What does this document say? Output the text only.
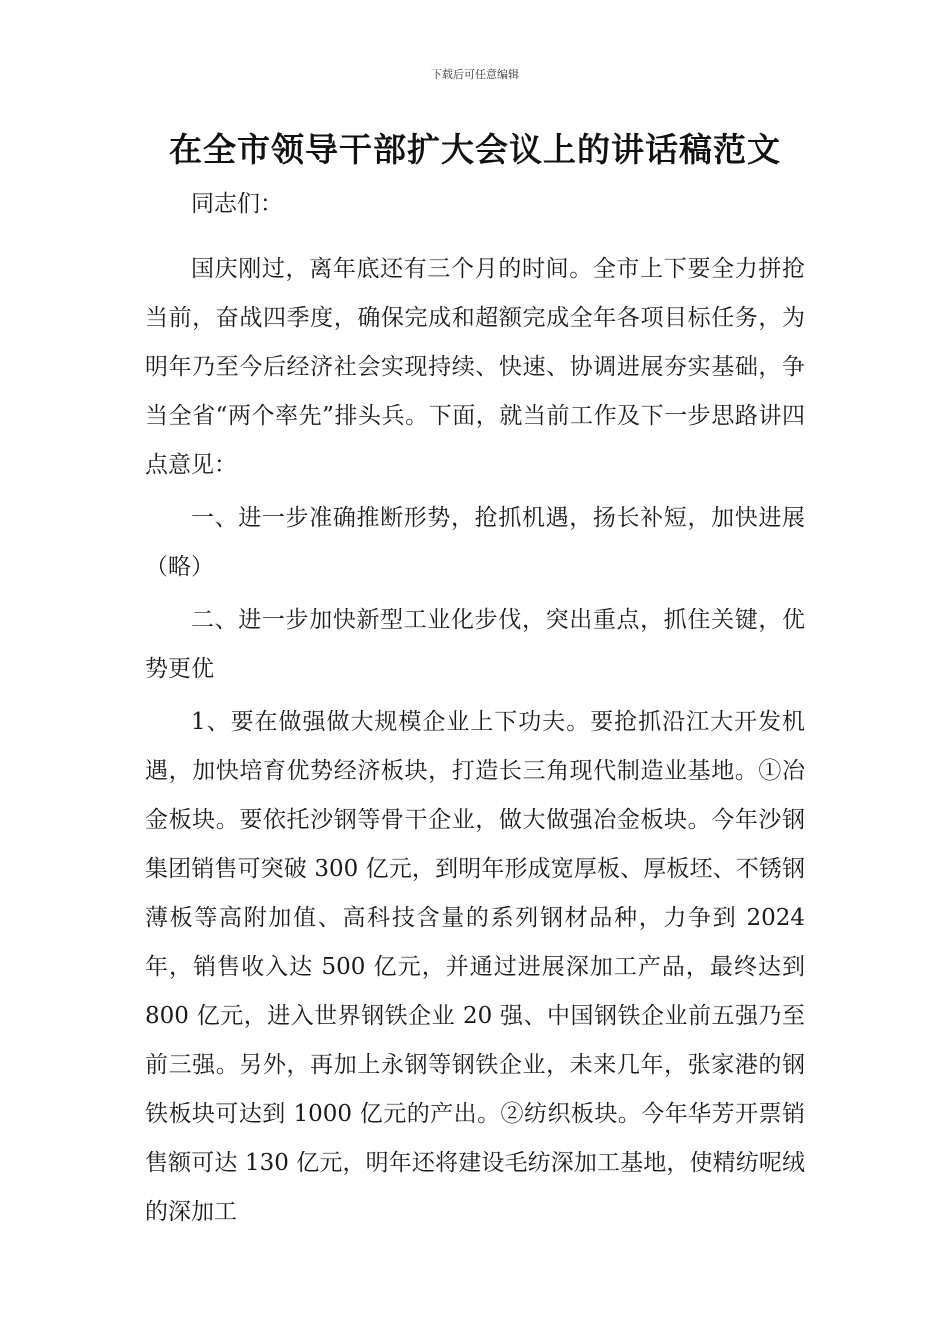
下载后可任意编辑
在全市领导干部扩大会议上的讲话稿范文

同志们：

国庆刚过，离年底还有三个月的时间。全市上下要全力拼抢当前，奋战四季度，确保完成和超额完成全年各项目标任务，为明年乃至今后经济社会实现持续、快速、协调进展夯实基础，争当全省“两个率先”排头兵。下面，就当前工作及下一步思路讲四点意见：

一、进一步准确推断形势，抢抓机遇，扬长补短，加快进展（略）

二、进一步加快新型工业化步伐，突出重点，抓住关键，优势更优

1、要在做强做大规模企业上下功夫。要抢抓沿江大开发机遇，加快培育优势经济板块，打造长三角现代制造业基地。①冶金板块。要依托沙钢等骨干企业，做大做强冶金板块。今年沙钢集团销售可突破 300 亿元，到明年形成宽厚板、厚板坯、不锈钢薄板等高附加值、高科技含量的系列钢材品种，力争到 2024 年，销售收入达 500 亿元，并通过进展深加工产品，最终达到 800 亿元，进入世界钢铁企业 20 强、中国钢铁企业前五强乃至前三强。另外，再加上永钢等钢铁企业，未来几年，张家港的钢铁板块可达到 1000 亿元的产出。②纺织板块。今年华芳开票销售额可达 130 亿元，明年还将建设毛纺深加工基地，使精纺呢绒的深加工
